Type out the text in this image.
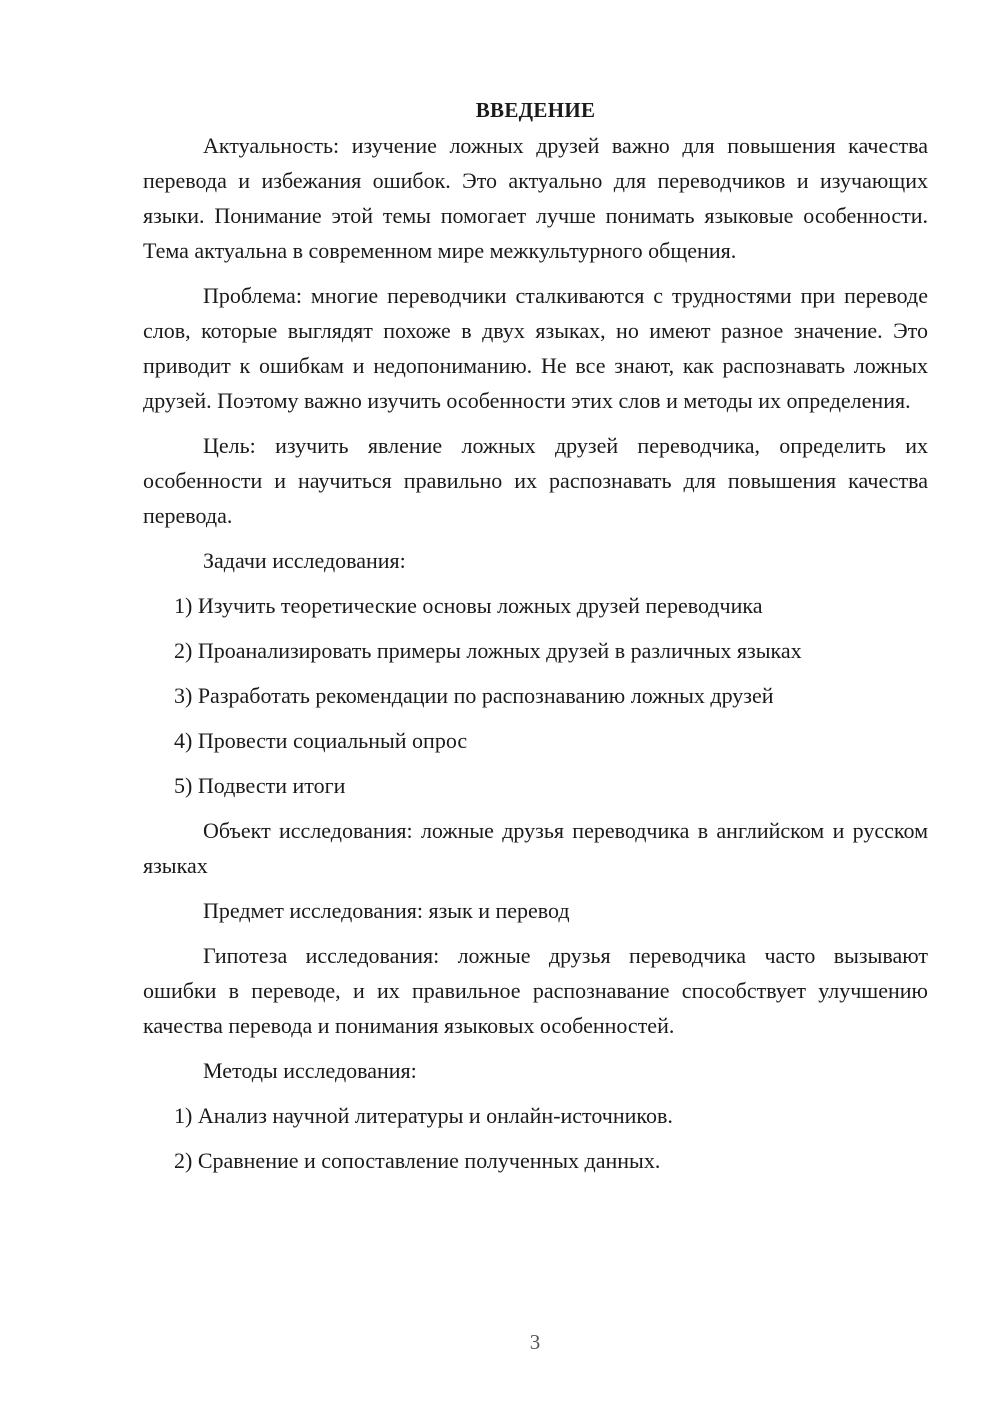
ВВЕДЕНИЕ

Актуальность: изучение ложных друзей важно для повышения качества перевода и избежания ошибок. Это актуально для переводчиков и изучающих языки. Понимание этой темы помогает лучше понимать языковые особенности. Тема актуальна в современном мире межкультурного общения.

Проблема: многие переводчики сталкиваются с трудностями при переводе слов, которые выглядят похоже в двух языках, но имеют разное значение. Это приводит к ошибкам и недопониманию. Не все знают, как распознавать ложных друзей. Поэтому важно изучить особенности этих слов и методы их определения.

Цель: изучить явление ложных друзей переводчика, определить их особенности и научиться правильно их распознавать для повышения качества перевода.

Задачи исследования:

1) Изучить теоретические основы ложных друзей переводчика

2) Проанализировать примеры ложных друзей в различных языках

3) Разработать рекомендации по распознаванию ложных друзей

4) Провести социальный опрос

5) Подвести итоги

Объект исследования: ложные друзья переводчика в английском и русском языках

Предмет исследования: язык и перевод

Гипотеза исследования: ложные друзья переводчика часто вызывают ошибки в переводе, и их правильное распознавание способствует улучшению качества перевода и понимания языковых особенностей.

Методы исследования:

1) Анализ научной литературы и онлайн-источников.

2) Сравнение и сопоставление полученных данных.

3
